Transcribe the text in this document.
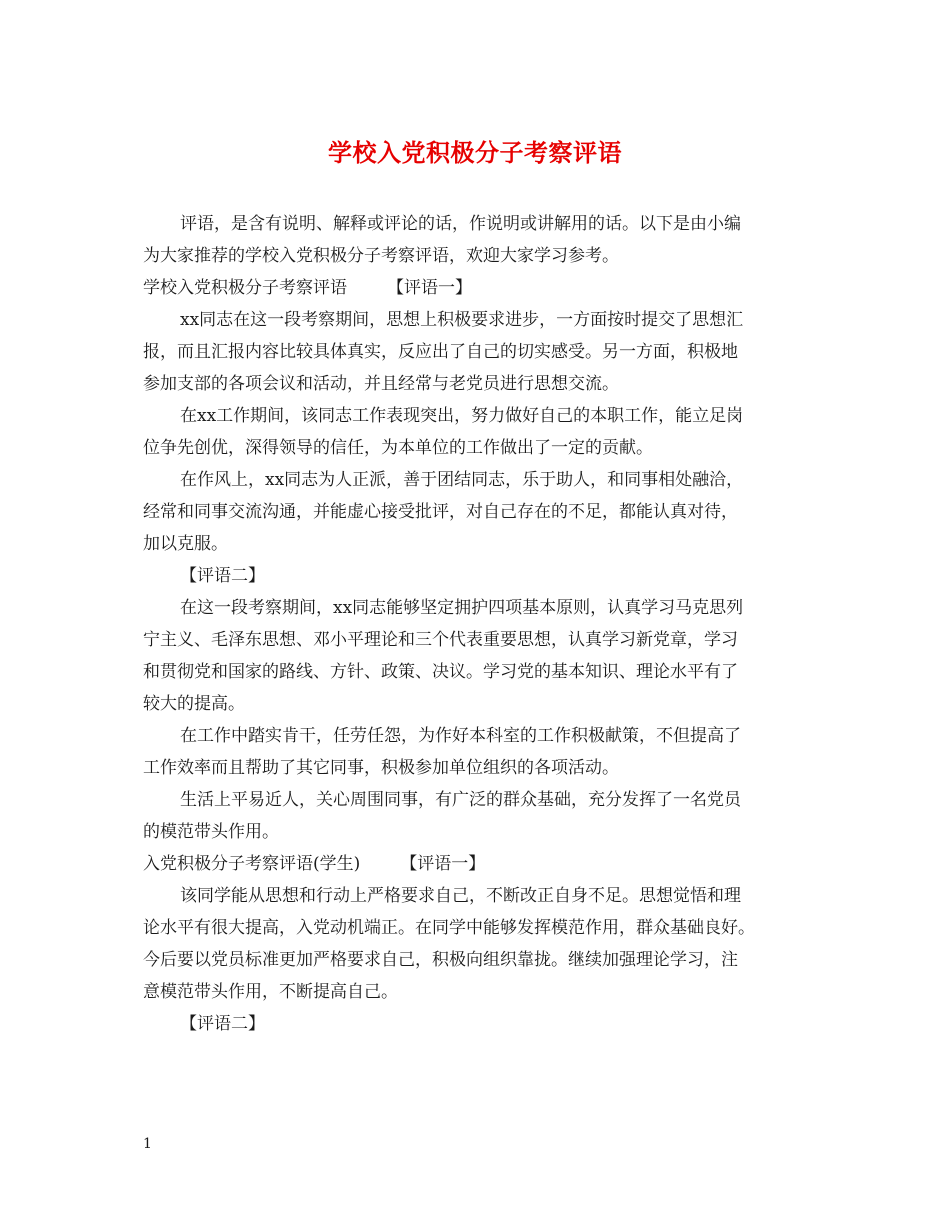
学校入党积极分子考察评语
评语，是含有说明、解释或评论的话，作说明或讲解用的话。以下是由小编
为大家推荐的学校入党积极分子考察评语，欢迎大家学习参考。
学校入党积极分子考察评语 【评语一】
xx同志在这一段考察期间，思想上积极要求进步，一方面按时提交了思想汇
报，而且汇报内容比较具体真实，反应出了自己的切实感受。另一方面，积极地
参加支部的各项会议和活动，并且经常与老党员进行思想交流。
在xx工作期间，该同志工作表现突出，努力做好自己的本职工作，能立足岗
位争先创优，深得领导的信任，为本单位的工作做出了一定的贡献。
在作风上，xx同志为人正派，善于团结同志，乐于助人，和同事相处融洽，
经常和同事交流沟通，并能虚心接受批评，对自己存在的不足，都能认真对待，
加以克服。
【评语二】
在这一段考察期间，xx同志能够坚定拥护四项基本原则，认真学习马克思列
宁主义、毛泽东思想、邓小平理论和三个代表重要思想，认真学习新党章，学习
和贯彻党和国家的路线、方针、政策、决议。学习党的基本知识、理论水平有了
较大的提高。
在工作中踏实肯干，任劳任怨，为作好本科室的工作积极献策，不但提高了
工作效率而且帮助了其它同事，积极参加单位组织的各项活动。
生活上平易近人，关心周围同事，有广泛的群众基础，充分发挥了一名党员
的模范带头作用。
入党积极分子考察评语(学生) 【评语一】
该同学能从思想和行动上严格要求自己，不断改正自身不足。思想觉悟和理
论水平有很大提高，入党动机端正。在同学中能够发挥模范作用，群众基础良好。
今后要以党员标准更加严格要求自己，积极向组织靠拢。继续加强理论学习，注
意模范带头作用，不断提高自己。
【评语二】
1
